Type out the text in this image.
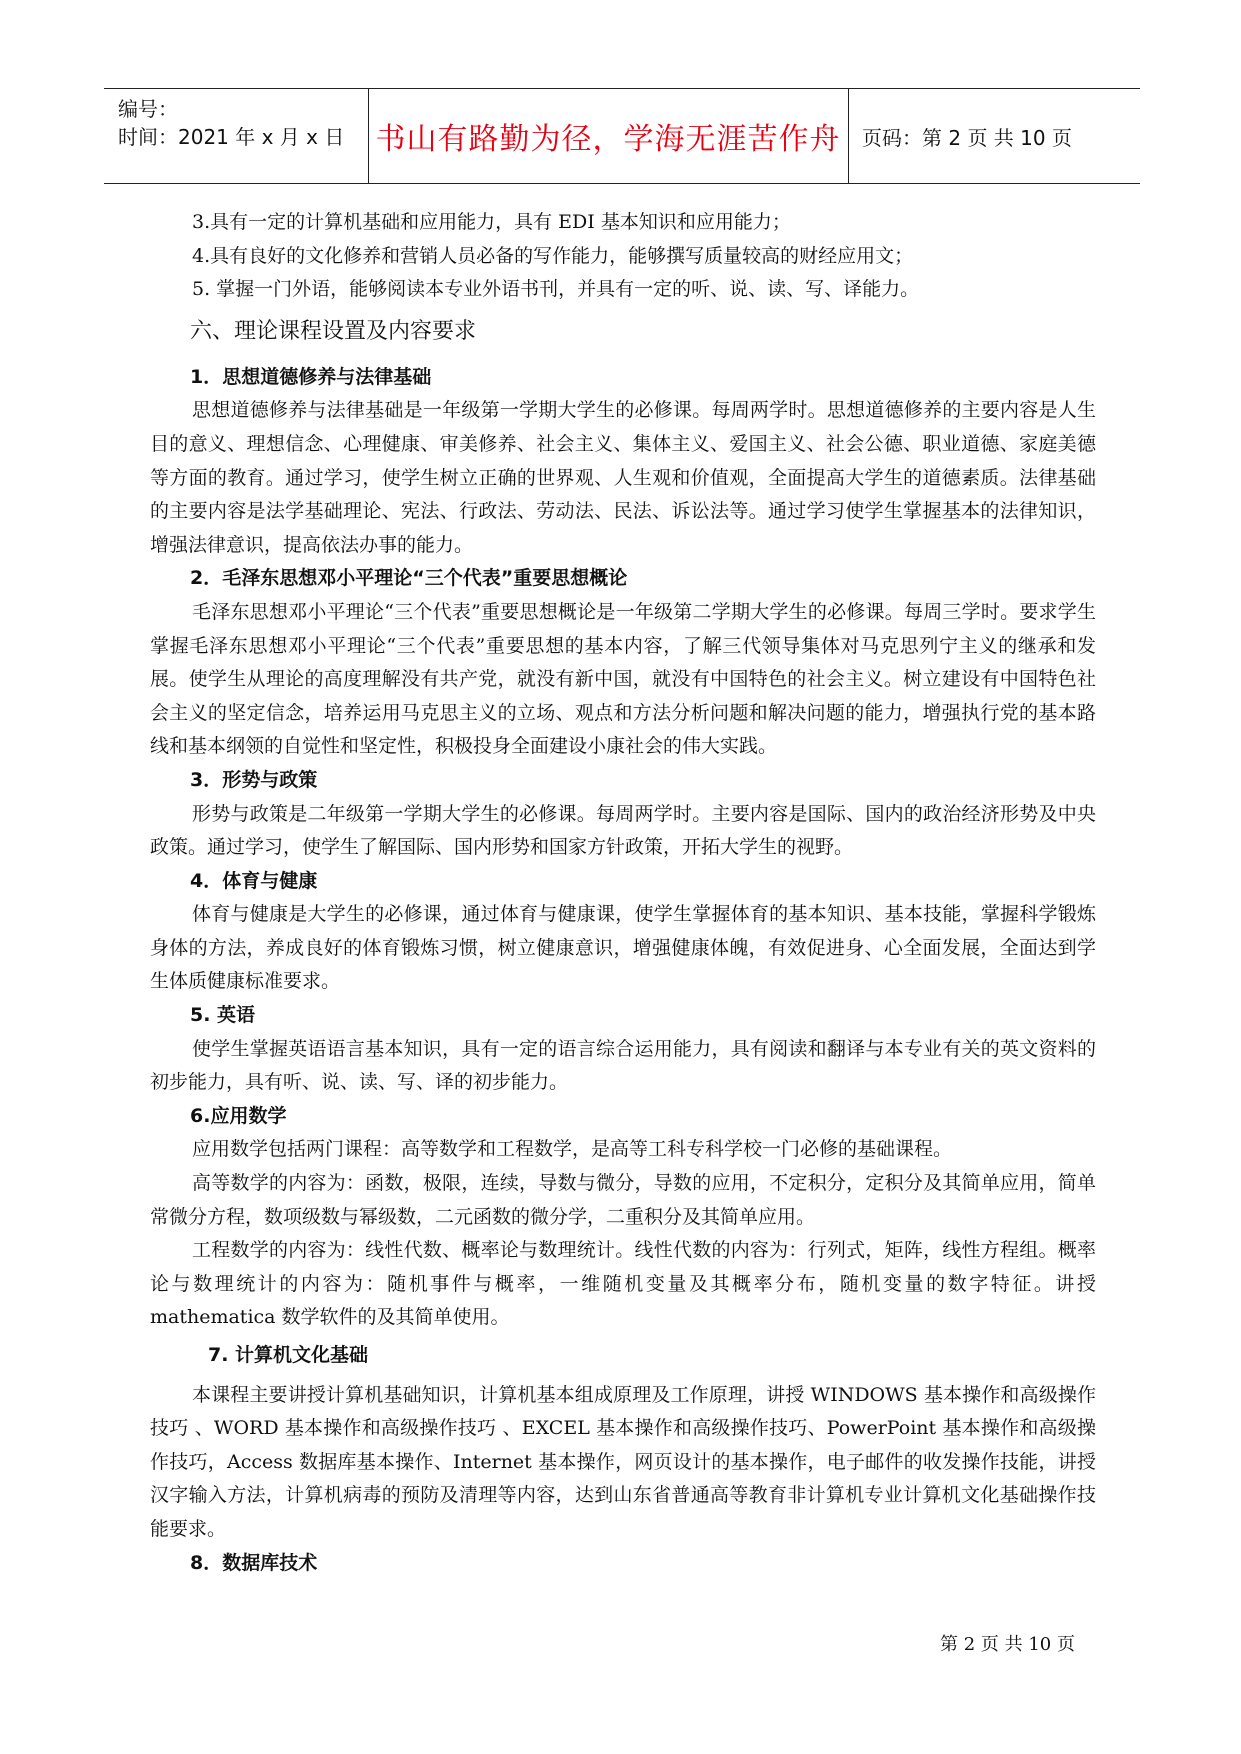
编号：
时间：2021 年 x 月 x 日 书山有路勤为径，学海无涯苦作舟 页码：第 2 页 共 10 页

3.具有一定的计算机基础和应用能力，具有 EDI 基本知识和应用能力；

4.具有良好的文化修养和营销人员必备的写作能力，能够撰写质量较高的财经应用文；

5. 掌握一门外语，能够阅读本专业外语书刊，并具有一定的听、说、读、写、译能力。

六、理论课程设置及内容要求
1．思想道德修养与法律基础

思想道德修养与法律基础是一年级第一学期大学生的必修课。每周两学时。思想道德修养的主要内容是人生目的意义、理想信念、心理健康、审美修养、社会主义、集体主义、爱国主义、社会公德、职业道德、家庭美德等方面的教育。通过学习，使学生树立正确的世界观、人生观和价值观，全面提高大学生的道德素质。法律基础的主要内容是法学基础理论、宪法、行政法、劳动法、民法、诉讼法等。通过学习使学生掌握基本的法律知识，增强法律意识，提高依法办事的能力。

2．毛泽东思想邓小平理论“三个代表”重要思想概论

毛泽东思想邓小平理论“三个代表”重要思想概论是一年级第二学期大学生的必修课。每周三学时。要求学生掌握毛泽东思想邓小平理论“三个代表”重要思想的基本内容，了解三代领导集体对马克思列宁主义的继承和发展。使学生从理论的高度理解没有共产党，就没有新中国，就没有中国特色的社会主义。树立建设有中国特色社会主义的坚定信念，培养运用马克思主义的立场、观点和方法分析问题和解决问题的能力，增强执行党的基本路线和基本纲领的自觉性和坚定性，积极投身全面建设小康社会的伟大实践。

3．形势与政策

形势与政策是二年级第一学期大学生的必修课。每周两学时。主要内容是国际、国内的政治经济形势及中央政策。通过学习，使学生了解国际、国内形势和国家方针政策，开拓大学生的视野。

4．体育与健康

体育与健康是大学生的必修课，通过体育与健康课，使学生掌握体育的基本知识、基本技能，掌握科学锻炼身体的方法，养成良好的体育锻炼习惯，树立健康意识，增强健康体魄，有效促进身、心全面发展，全面达到学生体质健康标准要求。

5. 英语

使学生掌握英语语言基本知识，具有一定的语言综合运用能力，具有阅读和翻译与本专业有关的英文资料的初步能力，具有听、说、读、写、译的初步能力。

6.应用数学

应用数学包括两门课程：高等数学和工程数学，是高等工科专科学校一门必修的基础课程。

高等数学的内容为：函数，极限，连续，导数与微分，导数的应用，不定积分，定积分及其简单应用，简单常微分方程，数项级数与幂级数，二元函数的微分学，二重积分及其简单应用。

工程数学的内容为：线性代数、概率论与数理统计。线性代数的内容为：行列式，矩阵，线性方程组。概率论与数理统计的内容为：随机事件与概率，一维随机变量及其概率分布，随机变量的数字特征。讲授 mathematica 数学软件的及其简单使用。

7. 计算机文化基础

本课程主要讲授计算机基础知识，计算机基本组成原理及工作原理，讲授 WINDOWS 基本操作和高级操作技巧 、WORD 基本操作和高级操作技巧 、EXCEL 基本操作和高级操作技巧、PowerPoint 基本操作和高级操作技巧，Access 数据库基本操作、Internet 基本操作，网页设计的基本操作，电子邮件的收发操作技能，讲授汉字输入方法，计算机病毒的预防及清理等内容，达到山东省普通高等教育非计算机专业计算机文化基础操作技能要求。

8．数据库技术
第 2 页 共 10 页
